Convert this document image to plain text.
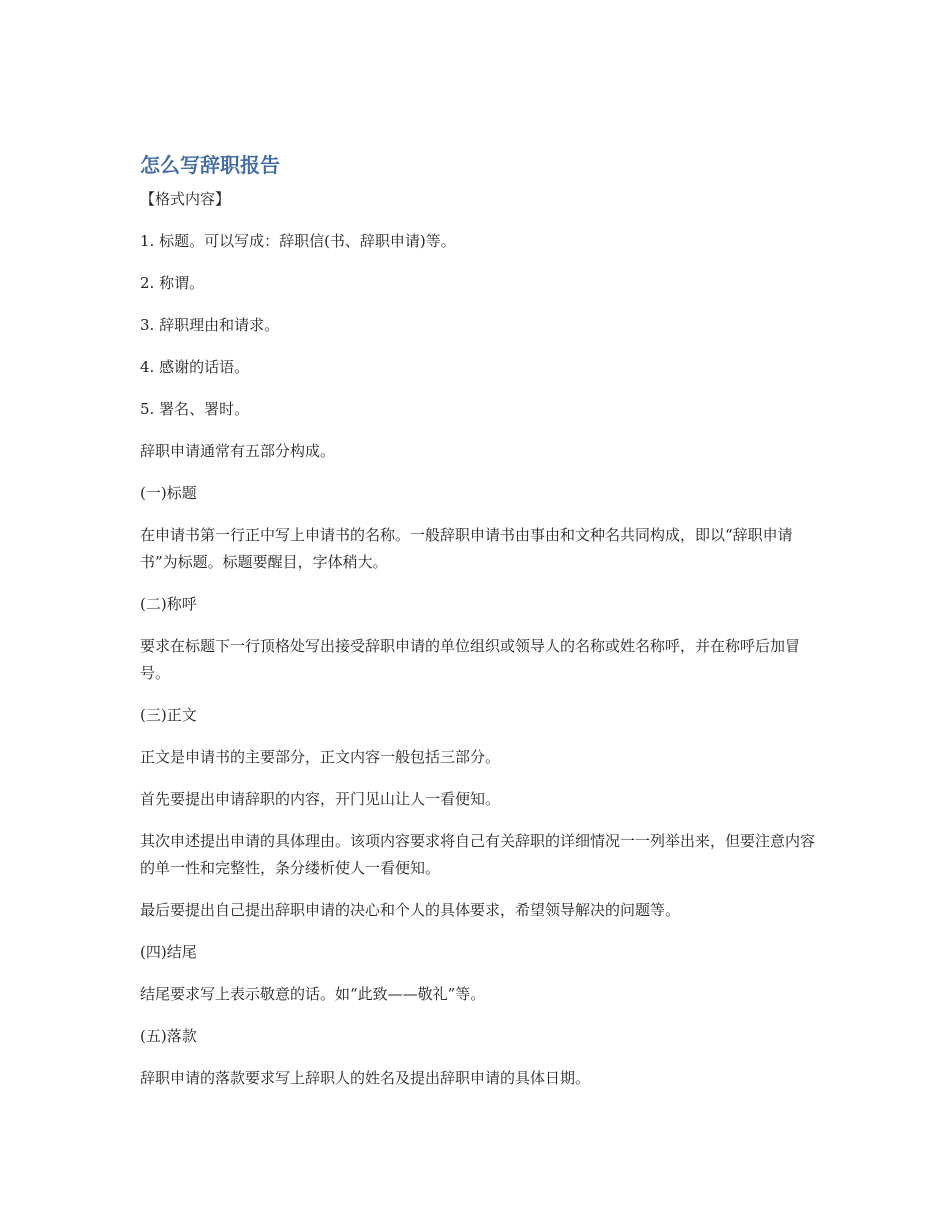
怎么写辞职报告

【格式内容】

1. 标题。可以写成：辞职信(书、辞职申请)等。

2. 称谓。

3. 辞职理由和请求。

4. 感谢的话语。

5. 署名、署时。

辞职申请通常有五部分构成。

(一)标题

在申请书第一行正中写上申请书的名称。一般辞职申请书由事由和文种名共同构成，即以“辞职申请书”为标题。标题要醒目，字体稍大。

(二)称呼

要求在标题下一行顶格处写出接受辞职申请的单位组织或领导人的名称或姓名称呼，并在称呼后加冒号。

(三)正文

正文是申请书的主要部分，正文内容一般包括三部分。

首先要提出申请辞职的内容，开门见山让人一看便知。

其次申述提出申请的具体理由。该项内容要求将自己有关辞职的详细情况一一列举出来，但要注意内容的单一性和完整性，条分缕析使人一看便知。

最后要提出自己提出辞职申请的决心和个人的具体要求，希望领导解决的问题等。

(四)结尾

结尾要求写上表示敬意的话。如“此致——敬礼”等。

(五)落款

辞职申请的落款要求写上辞职人的姓名及提出辞职申请的具体日期。
